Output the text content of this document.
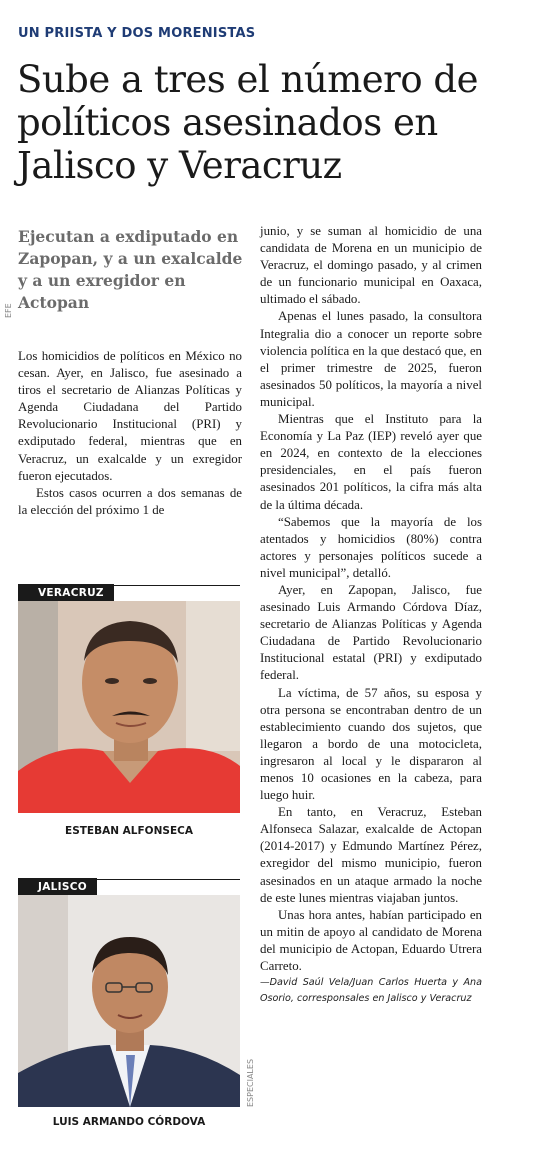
UN PRIISTA Y DOS MORENISTAS
Sube a tres el número de políticos asesinados en Jalisco y Veracruz
Ejecutan a exdiputado en Zapopan, y a un exalcalde y a un exregidor en Actopan
EFE

Los homicidios de políticos en México no cesan. Ayer, en Jalisco, fue asesinado a tiros el secretario de Alianzas Políticas y Agenda Ciudadana del Partido Revolucionario Institucional (PRI) y exdiputado federal, mientras que en Veracruz, un exalcalde y un exregidor fueron ejecutados.

Estos casos ocurren a dos semanas de la elección del próximo 1 de

VERACRUZ
ESTEBAN ALFONSECA
JALISCO
ESPECIALES
LUIS ARMANDO CÓRDOVA

junio, y se suman al homicidio de una candidata de Morena en un municipio de Veracruz, el domingo pasado, y al crimen de un funcionario municipal en Oaxaca, ultimado el sábado.

Apenas el lunes pasado, la consultora Integralia dio a conocer un reporte sobre violencia política en la que destacó que, en el primer trimestre de 2025, fueron asesinados 50 políticos, la mayoría a nivel municipal.

Mientras que el Instituto para la Economía y La Paz (IEP) reveló ayer que en 2024, en contexto de la elecciones presidenciales, en el país fueron asesinados 201 políticos, la cifra más alta de la última década.

“Sabemos que la mayoría de los atentados y homicidios (80%) contra actores y personajes políticos sucede a nivel municipal”, detalló.

Ayer, en Zapopan, Jalisco, fue asesinado Luis Armando Córdova Díaz, secretario de Alianzas Políticas y Agenda Ciudadana de Partido Revolucionario Institucional estatal (PRI) y exdiputado federal.

La víctima, de 57 años, su esposa y otra persona se encontraban dentro de un establecimiento cuando dos sujetos, que llegaron a bordo de una motocicleta, ingresaron al local y le dispararon al menos 10 ocasiones en la cabeza, para luego huir.

En tanto, en Veracruz, Esteban Alfonseca Salazar, exalcalde de Actopan (2014-2017) y Edmundo Martínez Pérez, exregidor del mismo municipio, fueron asesinados en un ataque armado la noche de este lunes mientras viajaban juntos.

Unas hora antes, habían participado en un mitin de apoyo al candidato de Morena del municipio de Actopan, Eduardo Utrera Carreto.

—David Saúl Vela/Juan Carlos Huerta y Ana Osorio, corresponsales en Jalisco y Veracruz
